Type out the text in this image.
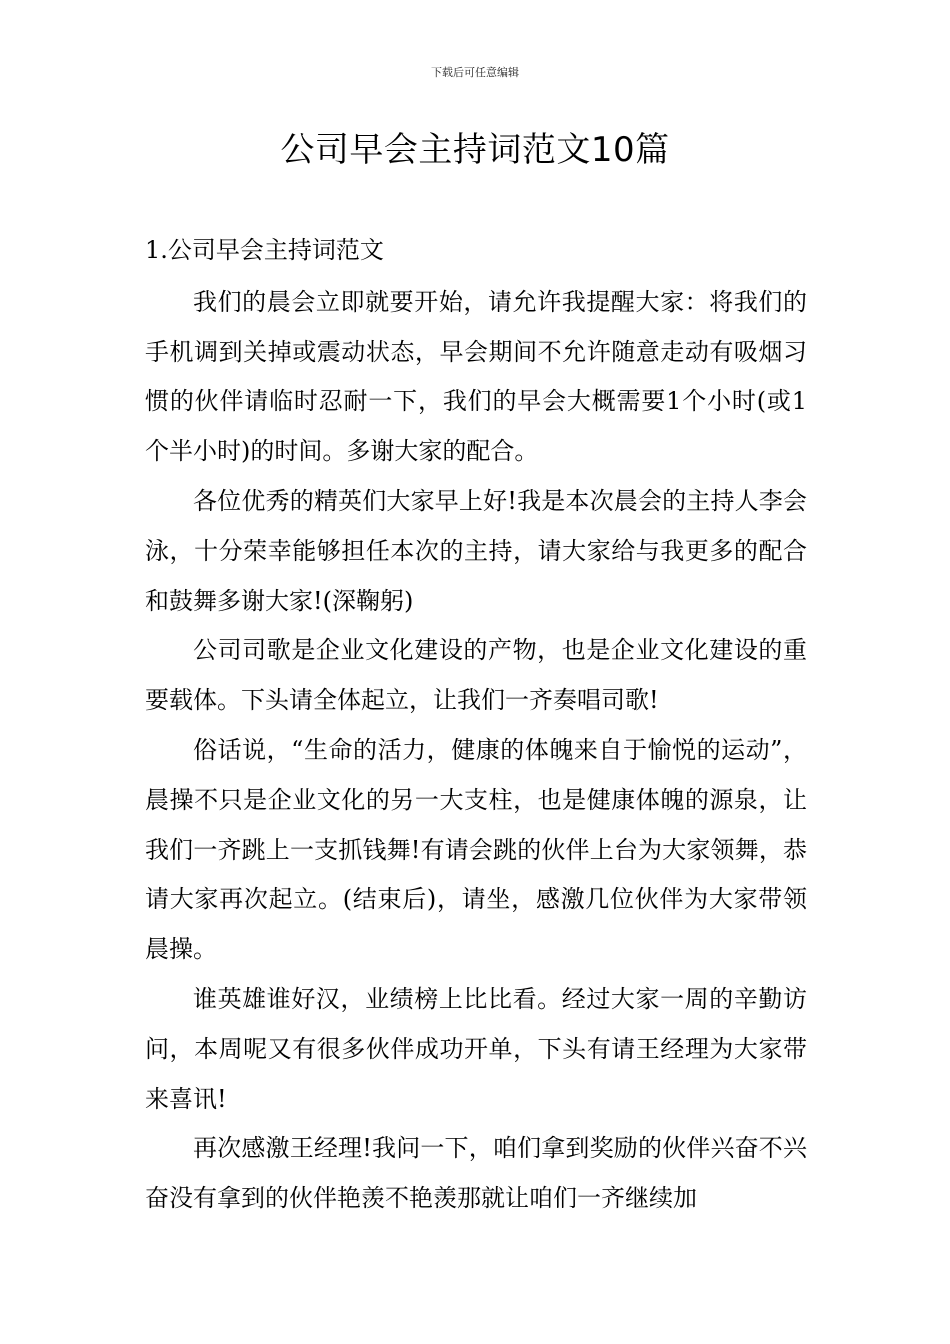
下载后可任意编辑
公司早会主持词范文10篇
1.公司早会主持词范文

我们的晨会立即就要开始，请允许我提醒大家：将我们的手机调到关掉或震动状态，早会期间不允许随意走动有吸烟习惯的伙伴请临时忍耐一下，我们的早会大概需要1个小时(或1个半小时)的时间。多谢大家的配合。

各位优秀的精英们大家早上好!我是本次晨会的主持人李会泳，十分荣幸能够担任本次的主持，请大家给与我更多的配合和鼓舞多谢大家!(深鞠躬)

公司司歌是企业文化建设的产物，也是企业文化建设的重要载体。下头请全体起立，让我们一齐奏唱司歌!

俗话说，“生命的活力，健康的体魄来自于愉悦的运动”，晨操不只是企业文化的另一大支柱，也是健康体魄的源泉，让我们一齐跳上一支抓钱舞!有请会跳的伙伴上台为大家领舞，恭请大家再次起立。(结束后)，请坐，感激几位伙伴为大家带领晨操。

谁英雄谁好汉，业绩榜上比比看。经过大家一周的辛勤访问，本周呢又有很多伙伴成功开单，下头有请王经理为大家带来喜讯!

再次感激王经理!我问一下，咱们拿到奖励的伙伴兴奋不兴奋没有拿到的伙伴艳羡不艳羡那就让咱们一齐继续加
